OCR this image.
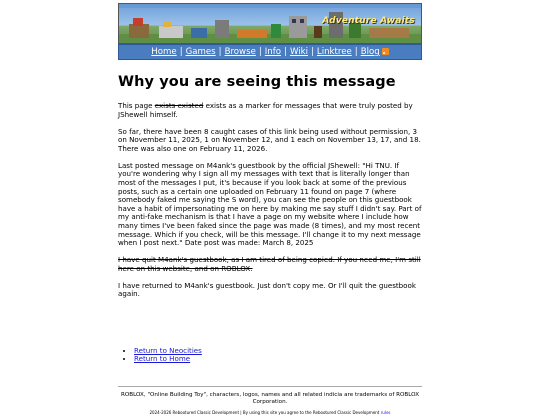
Adventure Awaits
Home | Games | Browse | Info | Wiki | Linktree | Blog
Why you are seeing this message

This page exists existed exists as a marker for messages that were truly posted by JShewell himself.

So far, there have been 8 caught cases of this link being used without permission, 3 on November 11, 2025, 1 on November 12, and 1 each on November 13, 17, and 18. There was also one on February 11, 2026.

Last posted message on M4ank's guestbook by the official JShewell: "Hi TNU. If you're wondering why I sign all my messages with text that is literally longer than most of the messages I put, it's because if you look back at some of the previous posts, such as a certain one uploaded on February 11 found on page 7 (where somebody faked me saying the S word), you can see the people on this guestbook have a habit of impersonating me on here by making me say stuff I didn't say. Part of my anti-fake mechanism is that I have a page on my website where I include how many times I've been faked since the page was made (8 times), and my most recent message. Which if you check, will be this message. I'll change it to my next message when I post next." Date post was made: March 8, 2025

I have quit M4ank's guestbook, as I am tired of being copied. If you need me, I'm still here on this website, and on ROBLOX.

I have returned to M4ank's guestbook. Just don't copy me. Or I'll quit the guestbook again.

• Return to Neocities
• Return to Home
ROBLOX, "Online Building Toy", characters, logos, names and all related indicia are trademarks of ROBLOX Corporation.
2024-2026 Rebootured Classic Development | By using this site you agree to the Rebootured Classic Development rules
